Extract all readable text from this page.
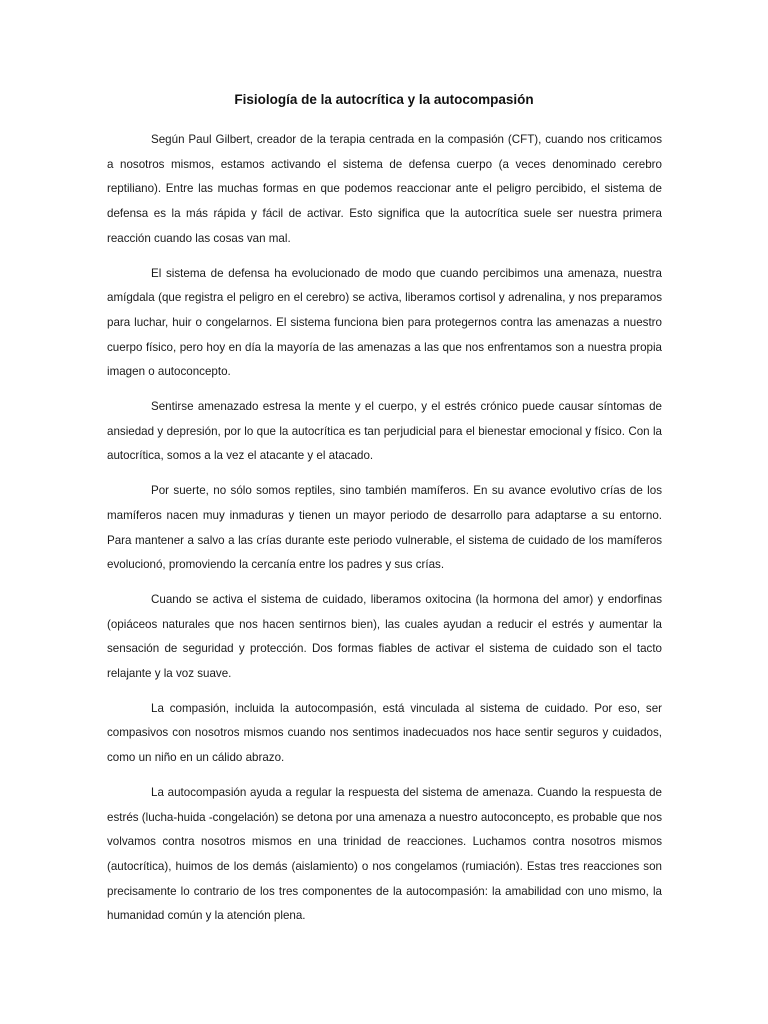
Fisiología de la autocrítica y la autocompasión

Según Paul Gilbert, creador de la terapia centrada en la compasión (CFT), cuando nos criticamos a nosotros mismos, estamos activando el sistema de defensa cuerpo (a veces denominado cerebro reptiliano). Entre las muchas formas en que podemos reaccionar ante el peligro percibido, el sistema de defensa es la más rápida y fácil de activar. Esto significa que la autocrítica suele ser nuestra primera reacción cuando las cosas van mal.

El sistema de defensa ha evolucionado de modo que cuando percibimos una amenaza, nuestra amígdala (que registra el peligro en el cerebro) se activa, liberamos cortisol y adrenalina, y nos preparamos para luchar, huir o congelarnos. El sistema funciona bien para protegernos contra las amenazas a nuestro cuerpo físico, pero hoy en día la mayoría de las amenazas a las que nos enfrentamos son a nuestra propia imagen o autoconcepto.

Sentirse amenazado estresa la mente y el cuerpo, y el estrés crónico puede causar síntomas de ansiedad y depresión, por lo que la autocrítica es tan perjudicial para el bienestar emocional y físico. Con la autocrítica, somos a la vez el atacante y el atacado.

Por suerte, no sólo somos reptiles, sino también mamíferos. En su avance evolutivo crías de los mamíferos nacen muy inmaduras y tienen un mayor periodo de desarrollo para adaptarse a su entorno. Para mantener a salvo a las crías durante este periodo vulnerable, el sistema de cuidado de los mamíferos evolucionó, promoviendo la cercanía entre los padres y sus crías.

Cuando se activa el sistema de cuidado, liberamos oxitocina (la hormona del amor) y endorfinas (opiáceos naturales que nos hacen sentirnos bien), las cuales ayudan a reducir el estrés y aumentar la sensación de seguridad y protección. Dos formas fiables de activar el sistema de cuidado son el tacto relajante y la voz suave.

La compasión, incluida la autocompasión, está vinculada al sistema de cuidado. Por eso, ser compasivos con nosotros mismos cuando nos sentimos inadecuados nos hace sentir seguros y cuidados, como un niño en un cálido abrazo.

La autocompasión ayuda a regular la respuesta del sistema de amenaza. Cuando la respuesta de estrés (lucha-huida -congelación) se detona por una amenaza a nuestro autoconcepto, es probable que nos volvamos contra nosotros mismos en una trinidad de reacciones. Luchamos contra nosotros mismos (autocrítica), huimos de los demás (aislamiento) o nos congelamos (rumiación). Estas tres reacciones son precisamente lo contrario de los tres componentes de la autocompasión: la amabilidad con uno mismo, la humanidad común y la atención plena.
